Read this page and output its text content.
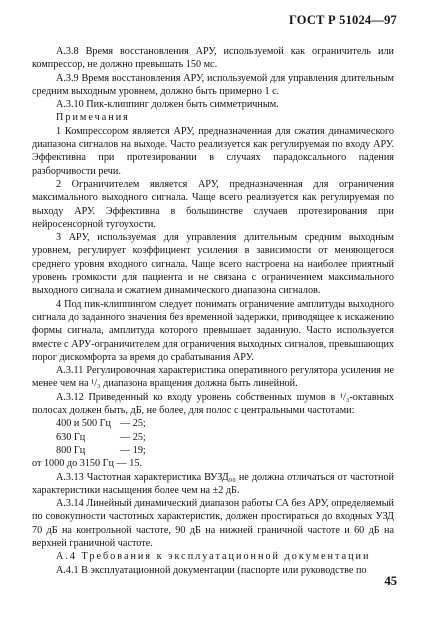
ГОСТ Р 51024—97

А.3.8 Время восстановления АРУ, используемой как ограничитель или компрессор, не должно превышать 150 мс.

А.3.9 Время восстановления АРУ, используемой для управления длительным средним выходным уровнем, должно быть примерно 1 с.

А.3.10 Пик-клиппинг должен быть симметричным.

Примечания

1 Компрессором является АРУ, предназначенная для сжатия динамического диапазона сигналов на выходе. Часто реализуется как регулируемая по входу АРУ. Эффективна при протезировании в случаях парадоксального падения разборчивости речи.

2 Ограничителем является АРУ, предназначенная для ограничения максимального выходного сигнала. Чаще всего реализуется как регулируемая по выходу АРУ. Эффективна в большинстве случаев протезирования при нейросенсорной тугоухости.

3 АРУ, используемая для управления длительным средним выходным уровнем, регулирует коэффициент усиления в зависимости от меняющегося среднего уровня входного сигнала. Чаще всего настроена на наиболее приятный уровень громкости для пациента и не связана с ограничением максимального выходного сигнала и сжатием динамического диапазона сигналов.

4 Под пик-клиппингом следует понимать ограничение амплитуды выходного сигнала до заданного значения без временной задержки, приводящее к искажению формы сигнала, амплитуда которого превышает заданную. Часто используется вместе с АРУ-ограничителем для ограничения выходных сигналов, превышающих порог дискомфорта за время до срабатывания АРУ.

А.3.11 Регулировочная характеристика оперативного регулятора усиления не менее чем на ¹/₃ диапазона вращения должна быть линейной.

А.3.12 Приведенный ко входу уровень собственных шумов в ¹/₃-октавных полосах должен быть, дБ, не более, для полос с центральными частотами:

400 и 500 Гц — 25;
630 Гц	— 25;
800 Гц	— 19;

от 1000 до 3150 Гц — 15.

А.3.13 Частотная характеристика ВУЗД₉₀ не должна отличаться от частотной характеристики насыщения более чем на ±2 дБ.

А.3.14 Линейный динамический диапазон работы СА без АРУ, определяемый по совокупности частотных характеристик, должен простираться до входных УЗД 70 дБ на контрольной частоте, 90 дБ на нижней граничной частоте и 60 дБ на верхней граничной частоте.

А.4 Требования к эксплуатационной документации

А.4.1 В эксплуатационной документации (паспорте или руководстве по

45
